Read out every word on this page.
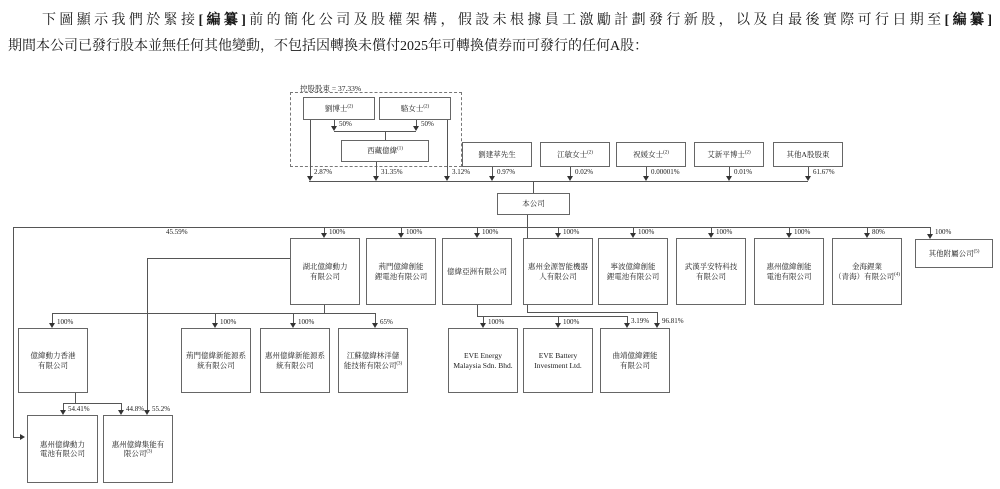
下圖顯示我們於緊接[編纂]前的簡化公司及股權架構，假設未根據員工激勵計劃發行新股，以及自最後實際可行日期至[編纂]
期間本公司已發行股本並無任何其他變動，不包括因轉換未償付2025年可轉換債券而可發行的任何A股：
控股股東 = 37.33%
劉博士$^{(2)}$	駱女士$^{(2)}$
西藏億緯$^{(1)}$
劉建萃先生	江敏女士$^{(2)}$	祝媛女士$^{(2)}$	艾新平博士$^{(2)}$	其他A股股東
本公司
湖北億緯動力
有限公司
荊門億緯創能
鋰電池有限公司
億緯亞洲有限公司
惠州金源智能機器
人有限公司
寧波億緯創能
鋰電池有限公司
武漢孚安特科技
有限公司
惠州億緯創能
電池有限公司
金海鋰業
（青海）有限公司$^{(4)}$
其他附屬公司$^{(5)}$
億緯動力香港
有限公司
荊門億緯新能源系
統有限公司
惠州億緯新能源系
統有限公司
江蘇億緯林洋儲
能技術有限公司$^{(3)}$
EVE Energy
Malaysia Sdn. Bhd.
EVE Battery
Investment Ltd.
曲靖億緯鋰能
有限公司
惠州億緯動力
電池有限公司
惠州億緯集能有
限公司$^{(3)}$
50%	50%
2.87%	31.35%	3.12%	0.97%	0.02%	0.00001%	0.01%	61.67%
45.59%	100%	100%	100%	100%	100%	100%	100%	80%	100%
100%	100%	100%	65%	100%	100%	3.19% 96.81%
54.41%	44.8% 55.2%
